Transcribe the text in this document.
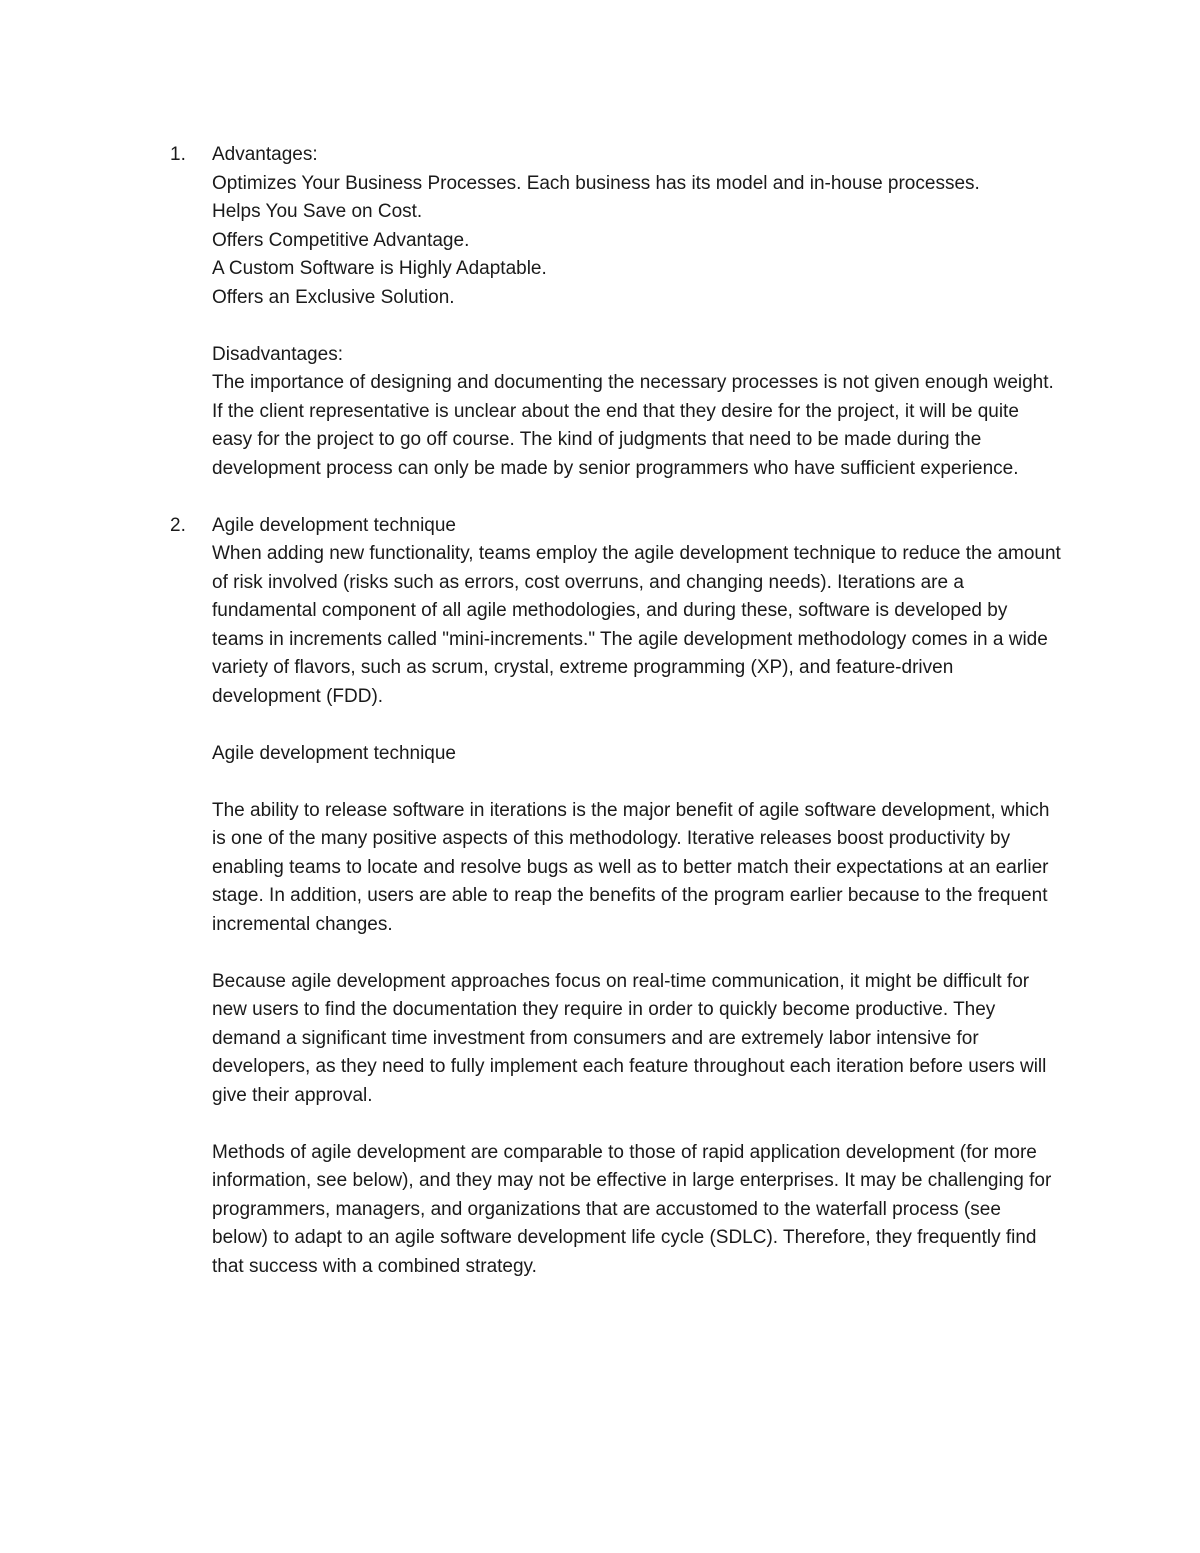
1.	Advantages:
Optimizes Your Business Processes. Each business has its model and in-house processes.
Helps You Save on Cost.
Offers Competitive Advantage.
A Custom Software is Highly Adaptable.
Offers an Exclusive Solution.
Disadvantages:
The importance of designing and documenting the necessary processes is not given enough weight. If the client representative is unclear about the end that they desire for the project, it will be quite easy for the project to go off course. The kind of judgments that need to be made during the development process can only be made by senior programmers who have sufficient experience.
2.	Agile development technique
When adding new functionality, teams employ the agile development technique to reduce the amount of risk involved (risks such as errors, cost overruns, and changing needs). Iterations are a fundamental component of all agile methodologies, and during these, software is developed by teams in increments called "mini-increments." The agile development methodology comes in a wide variety of flavors, such as scrum, crystal, extreme programming (XP), and feature-driven development (FDD).
Agile development technique
The ability to release software in iterations is the major benefit of agile software development, which is one of the many positive aspects of this methodology. Iterative releases boost productivity by enabling teams to locate and resolve bugs as well as to better match their expectations at an earlier stage. In addition, users are able to reap the benefits of the program earlier because to the frequent incremental changes.
Because agile development approaches focus on real-time communication, it might be difficult for new users to find the documentation they require in order to quickly become productive. They demand a significant time investment from consumers and are extremely labor intensive for developers, as they need to fully implement each feature throughout each iteration before users will give their approval.
Methods of agile development are comparable to those of rapid application development (for more information, see below), and they may not be effective in large enterprises. It may be challenging for programmers, managers, and organizations that are accustomed to the waterfall process (see below) to adapt to an agile software development life cycle (SDLC). Therefore, they frequently find that success with a combined strategy.
